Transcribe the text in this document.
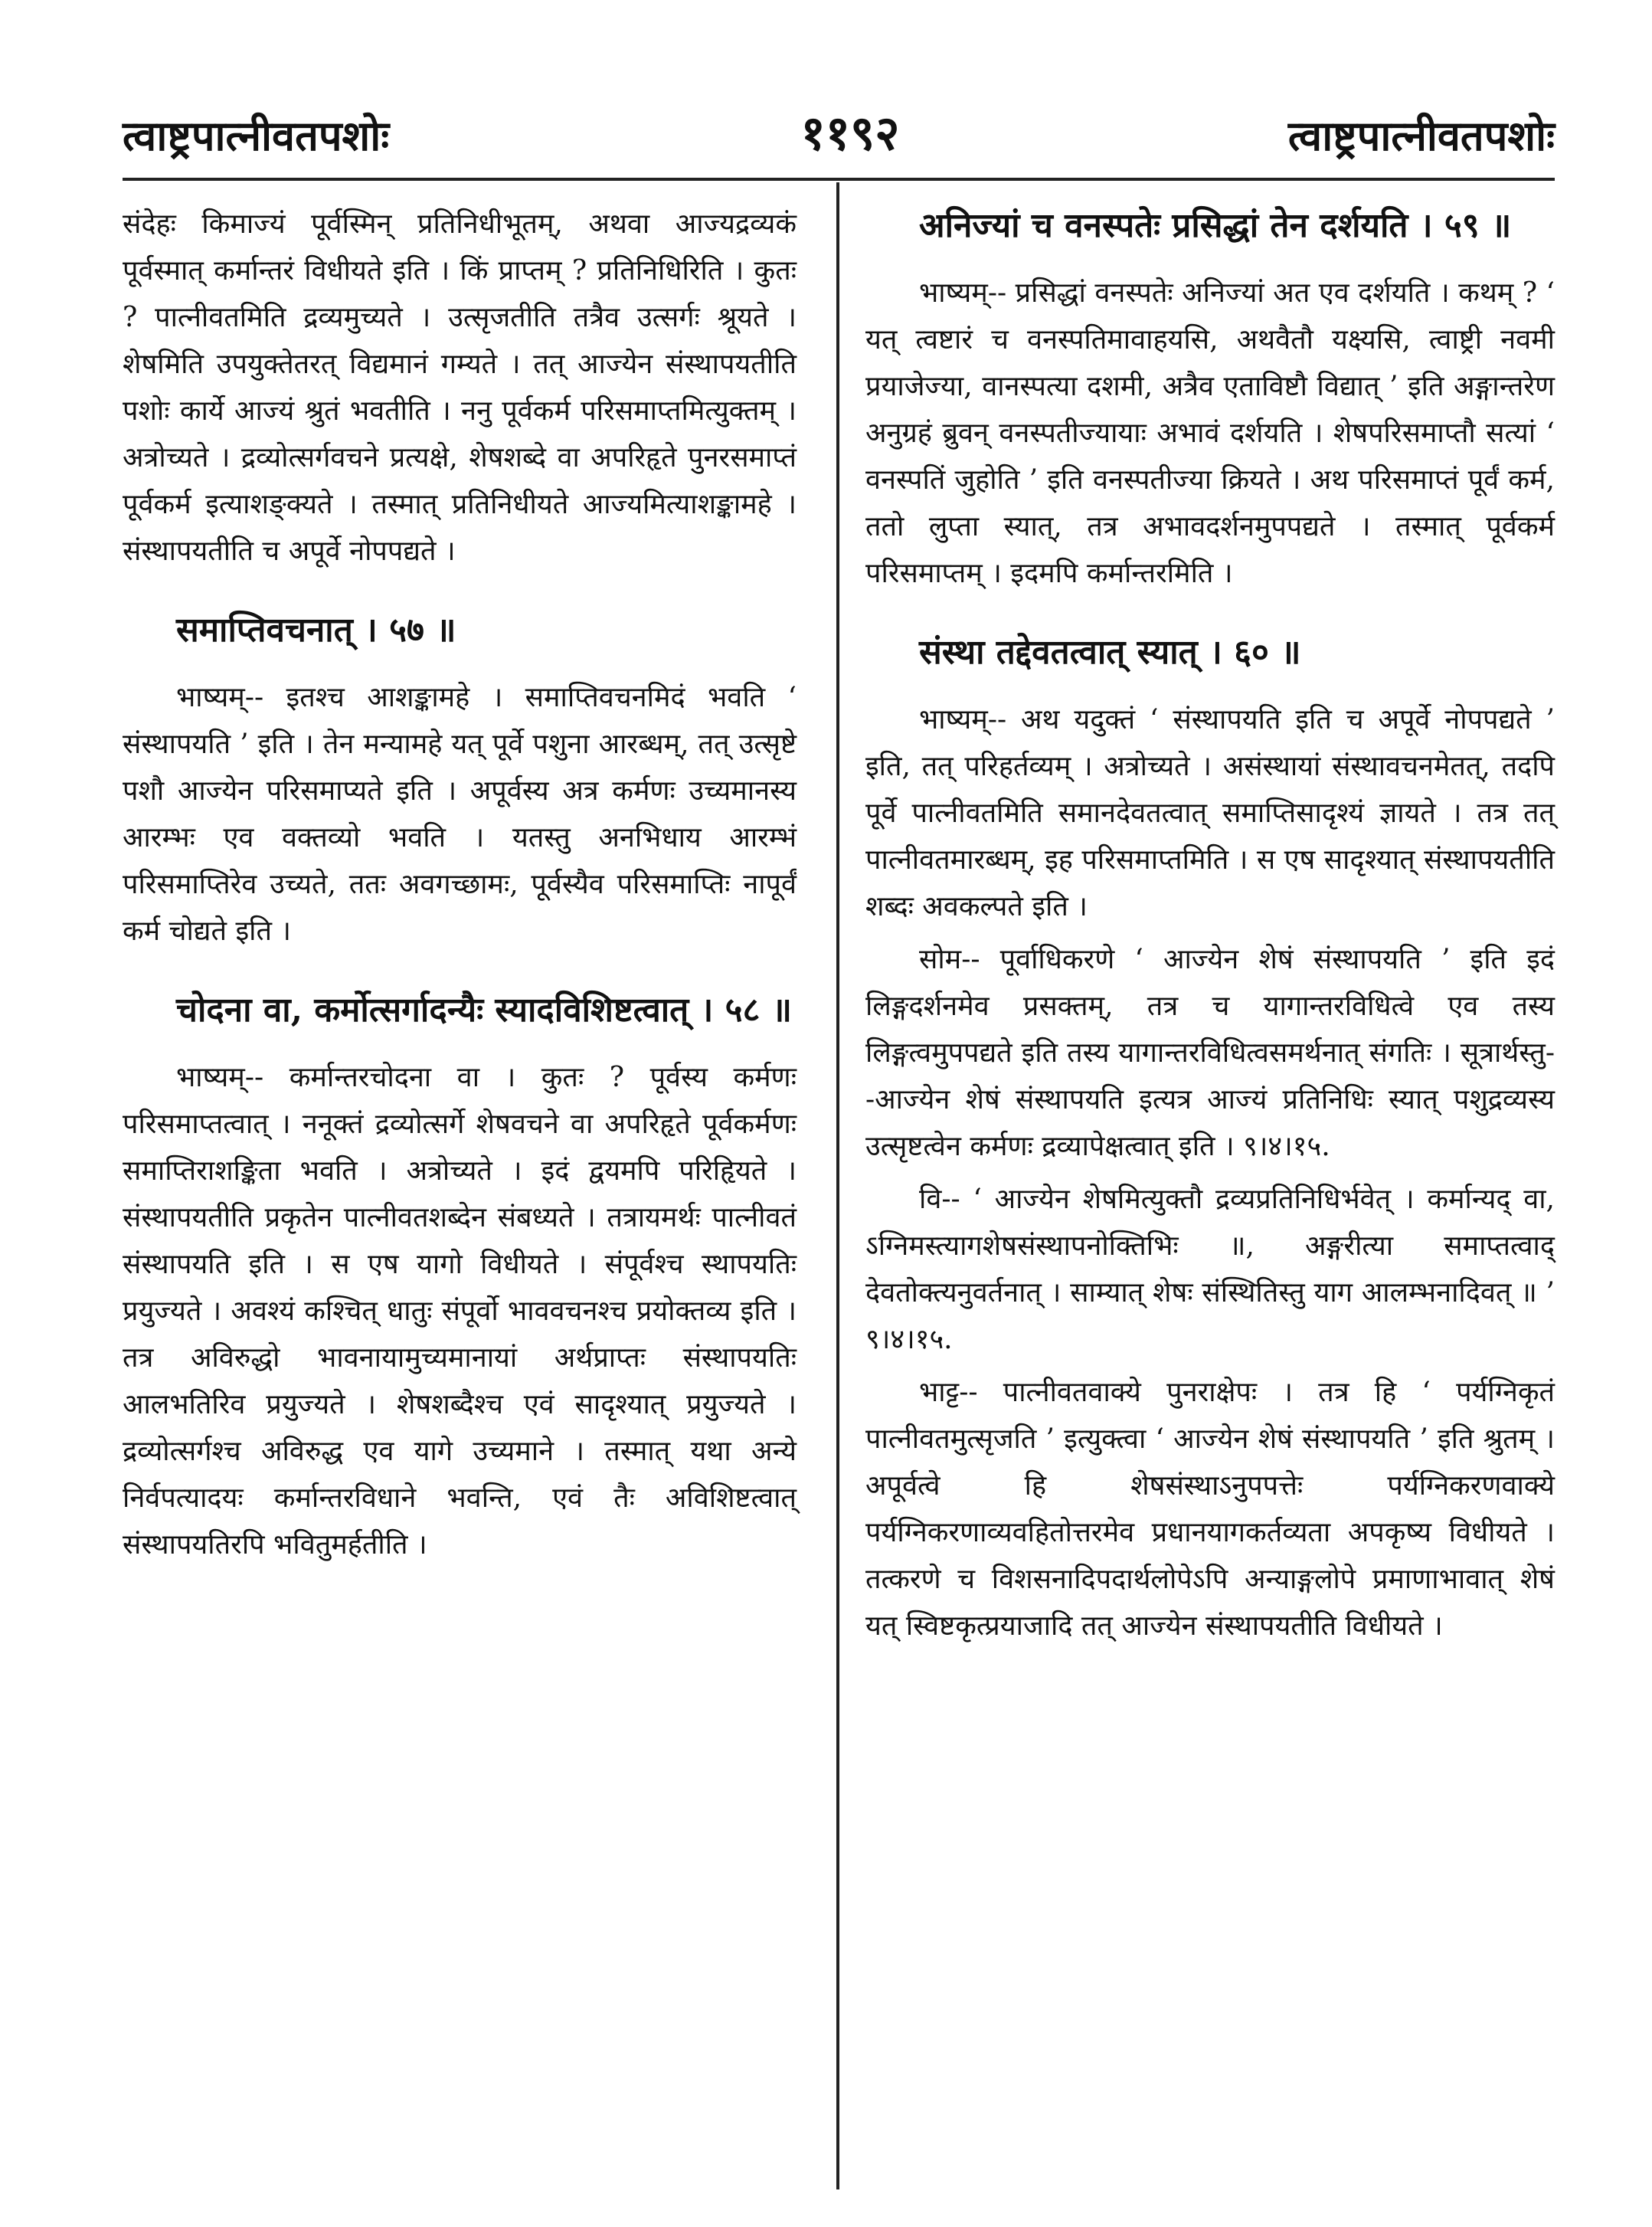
त्वाष्ट्रपात्नीवतपशोः	११९२	त्वाष्ट्रपात्नीवतपशोः

संदेहः किमाज्यं पूर्वस्मिन् प्रतिनिधीभूतम्, अथवा आज्यद्रव्यकं पूर्वस्मात् कर्मान्तरं विधीयते इति । किं प्राप्तम् ? प्रतिनिधिरिति । कुतः ? पात्नीवतमिति द्रव्यमुच्यते । उत्सृजतीति तत्रैव उत्सर्गः श्रूयते । शेषमिति उपयुक्तेतरत् विद्यमानं गम्यते । तत् आज्येन संस्थापयतीति पशोः कार्ये आज्यं श्रुतं भवतीति । ननु पूर्वकर्म परिसमाप्तमित्युक्तम् । अत्रोच्यते । द्रव्योत्सर्गवचने प्रत्यक्षे, शेषशब्दे वा अपरिहृते पुनरसमाप्तं पूर्वकर्म इत्याशङ्क्यते । तस्मात् प्रतिनिधीयते आज्यमित्याशङ्कामहे । संस्थापयतीति च अपूर्वे नोपपद्यते ।

समाप्तिवचनात् । ५७ ॥

भाष्यम्-- इतश्च आशङ्कामहे । समाप्तिवचनमिदं भवति ‘ संस्थापयति ’ इति । तेन मन्यामहे यत् पूर्वे पशुना आरब्धम्, तत् उत्सृष्टे पशौ आज्येन परिसमाप्यते इति । अपूर्वस्य अत्र कर्मणः उच्यमानस्य आरम्भः एव वक्तव्यो भवति । यतस्तु अनभिधाय आरम्भं परिसमाप्तिरेव उच्यते, ततः अवगच्छामः, पूर्वस्यैव परिसमाप्तिः नापूर्वं कर्म चोद्यते इति ।

चोदना वा, कर्मोत्सर्गादन्यैः स्यादविशिष्टत्वात् । ५८ ॥

भाष्यम्-- कर्मान्तरचोदना वा । कुतः ? पूर्वस्य कर्मणः परिसमाप्तत्वात् । ननूक्तं द्रव्योत्सर्गे शेषवचने वा अपरिहृते पूर्वकर्मणः समाप्तिराशङ्किता भवति । अत्रोच्यते । इदं द्वयमपि परिहृियते । संस्थापयतीति प्रकृतेन पात्नीवतशब्देन संबध्यते । तत्रायमर्थः पात्नीवतं संस्थापयति इति । स एष यागो विधीयते । संपूर्वश्च स्थापयतिः प्रयुज्यते । अवश्यं कश्चित् धातुः संपूर्वो भाववचनश्च प्रयोक्तव्य इति । तत्र अविरुद्धो भावनायामुच्यमानायां अर्थप्राप्तः संस्थापयतिः आलभतिरिव प्रयुज्यते । शेषशब्दैश्च एवं सादृश्यात् प्रयुज्यते । द्रव्योत्सर्गश्च अविरुद्ध एव यागे उच्यमाने । तस्मात् यथा अन्ये निर्वपत्यादयः कर्मान्तरविधाने भवन्ति, एवं तैः अविशिष्टत्वात् संस्थापयतिरपि भवितुमर्हतीति ।

अनिज्यां च वनस्पतेः प्रसिद्धां तेन दर्शयति । ५९ ॥

भाष्यम्-- प्रसिद्धां वनस्पतेः अनिज्यां अत एव दर्शयति । कथम् ? ‘ यत् त्वष्टारं च वनस्पतिमावाहयसि, अथवैतौ यक्ष्यसि, त्वाष्ट्री नवमी प्रयाजेज्या, वानस्पत्या दशमी, अत्रैव एताविष्टौ विद्यात् ’ इति अङ्गान्तरेण अनुग्रहं ब्रुवन् वनस्पतीज्यायाः अभावं दर्शयति । शेषपरिसमाप्तौ सत्यां ‘ वनस्पतिं जुहोति ’ इति वनस्पतीज्या क्रियते । अथ परिसमाप्तं पूर्वं कर्म, ततो लुप्ता स्यात्, तत्र अभावदर्शनमुपपद्यते । तस्मात् पूर्वकर्म परिसमाप्तम् । इदमपि कर्मान्तरमिति ।

संस्था तद्देवतत्वात् स्यात् । ६० ॥

भाष्यम्-- अथ यदुक्तं ‘ संस्थापयति इति च अपूर्वे नोपपद्यते ’ इति, तत् परिहर्तव्यम् । अत्रोच्यते । असंस्थायां संस्थावचनमेतत्, तदपि पूर्वे पात्नीवतमिति समानदेवतत्वात् समाप्तिसादृश्यं ज्ञायते । तत्र तत् पात्नीवतमारब्धम्, इह परिसमाप्तमिति । स एष सादृश्यात् संस्थापयतीति शब्दः अवकल्पते इति ।

सोम-- पूर्वाधिकरणे ‘ आज्येन शेषं संस्थापयति ’ इति इदं लिङ्गदर्शनमेव प्रसक्तम्, तत्र च यागान्तरविधित्वे एव तस्य लिङ्गत्वमुपपद्यते इति तस्य यागान्तरविधित्वसमर्थनात् संगतिः । सूत्रार्थस्तु--आज्येन शेषं संस्थापयति इत्यत्र आज्यं प्रतिनिधिः स्यात् पशुद्रव्यस्य उत्सृष्टत्वेन कर्मणः द्रव्यापेक्षत्वात् इति । ९।४।१५.

वि-- ‘ आज्येन शेषमित्युक्तौ द्रव्यप्रतिनिधिर्भवेत् । कर्मान्यद् वा, ऽग्निमस्त्यागशेषसंस्थापनोक्तिभिः ॥, अङ्गरीत्या समाप्तत्वाद् देवतोक्त्यनुवर्तनात् । साम्यात् शेषः संस्थितिस्तु याग आलम्भनादिवत् ॥ ’ ९।४।१५.

भाट्ट-- पात्नीवतवाक्ये पुनराक्षेपः । तत्र हि ‘ पर्यग्निकृतं पात्नीवतमुत्सृजति ’ इत्युक्त्वा ‘ आज्येन शेषं संस्थापयति ’ इति श्रुतम् । अपूर्वत्वे हि शेषसंस्थाऽनुपपत्तेः पर्यग्निकरणवाक्ये पर्यग्निकरणाव्यवहितोत्तरमेव प्रधानयागकर्तव्यता अपकृष्य विधीयते । तत्करणे च विशसनादिपदार्थलोपेऽपि अन्याङ्गलोपे प्रमाणाभावात् शेषं यत् स्विष्टकृत्प्रयाजादि तत् आज्येन संस्थापयतीति विधीयते ।
